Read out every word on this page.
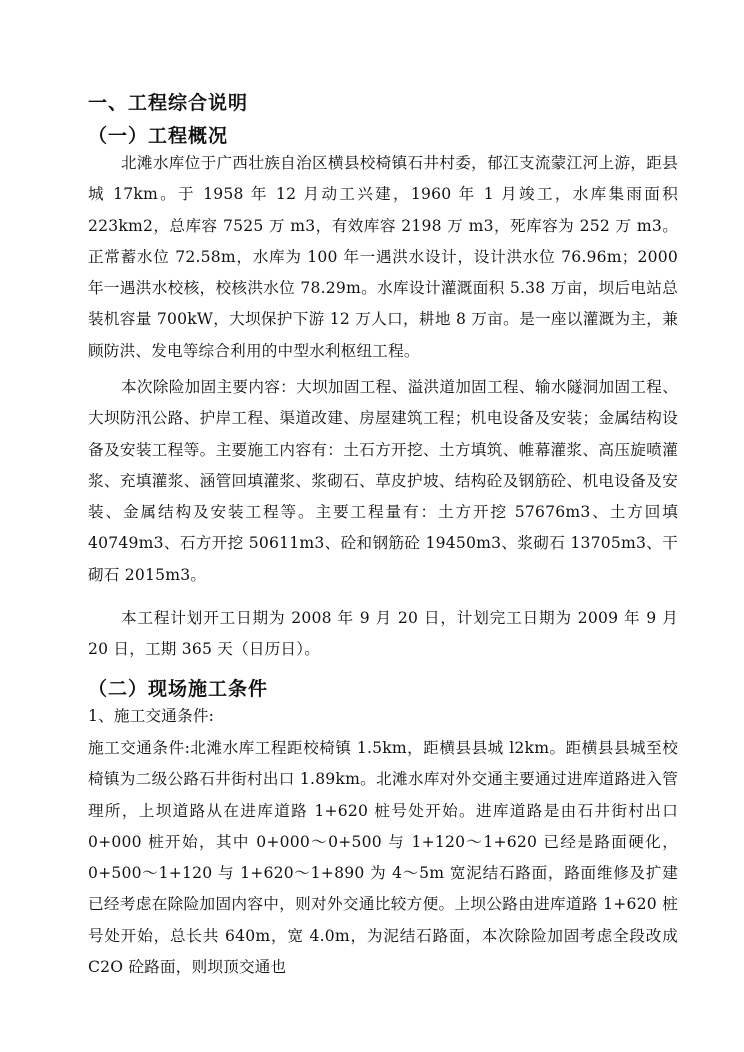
一、工程综合说明
（一）工程概况
北滩水库位于广西壮族自治区横县校椅镇石井村委，郁江支流蒙江河上游，距县城 17km。于 1958 年 12 月动工兴建，1960 年 1 月竣工，水库集雨面积 223km2，总库容 7525 万 m3，有效库容 2198 万 m3，死库容为 252 万 m3。正常蓄水位 72.58m，水库为 100 年一遇洪水设计，设计洪水位 76.96m；2000 年一遇洪水校核，校核洪水位 78.29m。水库设计灌溉面积 5.38 万亩，坝后电站总装机容量 700kW，大坝保护下游 12 万人口，耕地 8 万亩。是一座以灌溉为主，兼顾防洪、发电等综合利用的中型水利枢纽工程。
本次除险加固主要内容：大坝加固工程、溢洪道加固工程、输水隧洞加固工程、大坝防汛公路、护岸工程、渠道改建、房屋建筑工程；机电设备及安装；金属结构设备及安装工程等。主要施工内容有：土石方开挖、土方填筑、帷幕灌浆、高压旋喷灌浆、充填灌浆、涵管回填灌浆、浆砌石、草皮护坡、结构砼及钢筋砼、机电设备及安装、金属结构及安装工程等。主要工程量有：土方开挖 57676m3、土方回填 40749m3、石方开挖 50611m3、砼和钢筋砼 19450m3、浆砌石 13705m3、干砌石 2015m3。
本工程计划开工日期为 2008 年 9 月 20 日，计划完工日期为 2009 年 9 月 20 日，工期 365 天（日历日）。
（二）现场施工条件
1、施工交通条件:
施工交通条件:北滩水库工程距校椅镇 1.5km，距横县县城 l2km。距横县县城至校椅镇为二级公路石井街村出口 1.89km。北滩水库对外交通主要通过进库道路进入管理所，上坝道路从在进库道路 1+620 桩号处开始。进库道路是由石井街村出口 0+000 桩开始，其中 0+000～0+500 与 1+120～1+620 已经是路面硬化，0+500～1+120 与 1+620～1+890 为 4～5m 宽泥结石路面，路面维修及扩建已经考虑在除险加固内容中，则对外交通比较方便。上坝公路由进库道路 1+620 桩号处开始，总长共 640m，宽 4.0m，为泥结石路面，本次除险加固考虑全段改成 C2O 砼路面，则坝顶交通也
